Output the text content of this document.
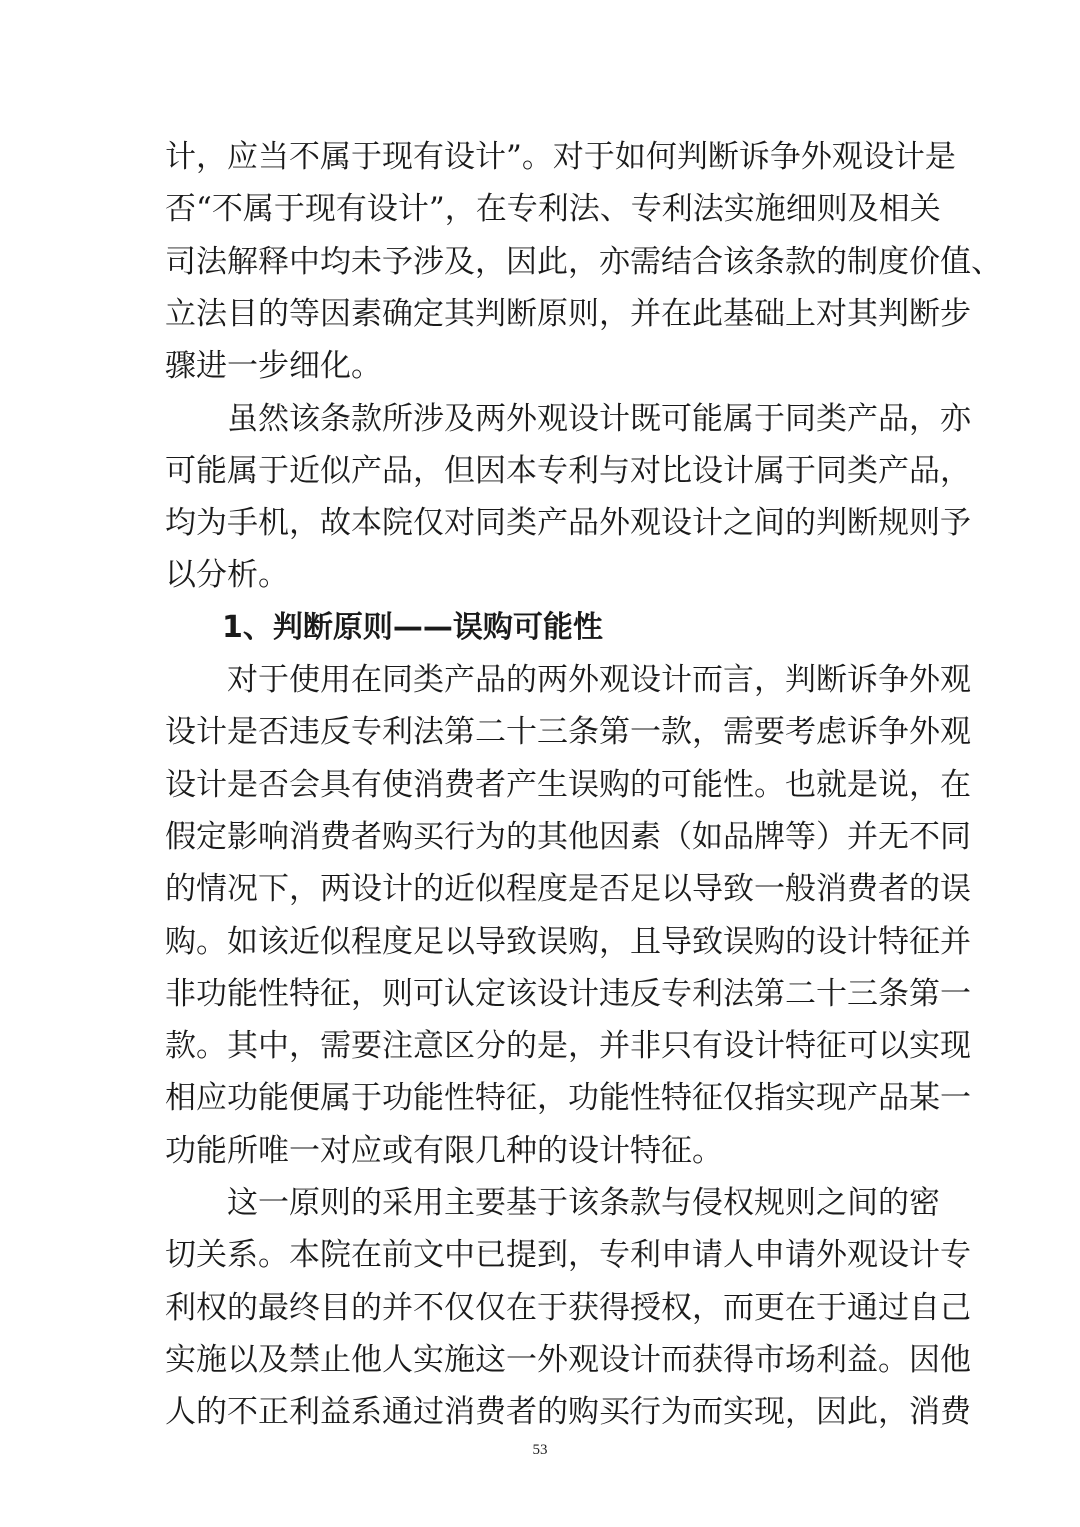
计，应当不属于现有设计”。对于如何判断诉争外观设计是
否“不属于现有设计”，在专利法、专利法实施细则及相关
司法解释中均未予涉及，因此，亦需结合该条款的制度价值、
立法目的等因素确定其判断原则，并在此基础上对其判断步
骤进一步细化。
虽然该条款所涉及两外观设计既可能属于同类产品，亦
可能属于近似产品，但因本专利与对比设计属于同类产品，
均为手机，故本院仅对同类产品外观设计之间的判断规则予
以分析。
1、判断原则——误购可能性
对于使用在同类产品的两外观设计而言，判断诉争外观
设计是否违反专利法第二十三条第一款，需要考虑诉争外观
设计是否会具有使消费者产生误购的可能性。也就是说，在
假定影响消费者购买行为的其他因素（如品牌等）并无不同
的情况下，两设计的近似程度是否足以导致一般消费者的误
购。如该近似程度足以导致误购，且导致误购的设计特征并
非功能性特征，则可认定该设计违反专利法第二十三条第一
款。其中，需要注意区分的是，并非只有设计特征可以实现
相应功能便属于功能性特征，功能性特征仅指实现产品某一
功能所唯一对应或有限几种的设计特征。
这一原则的采用主要基于该条款与侵权规则之间的密
切关系。本院在前文中已提到，专利申请人申请外观设计专
利权的最终目的并不仅仅在于获得授权，而更在于通过自己
实施以及禁止他人实施这一外观设计而获得市场利益。因他
人的不正利益系通过消费者的购买行为而实现，因此，消费
53
